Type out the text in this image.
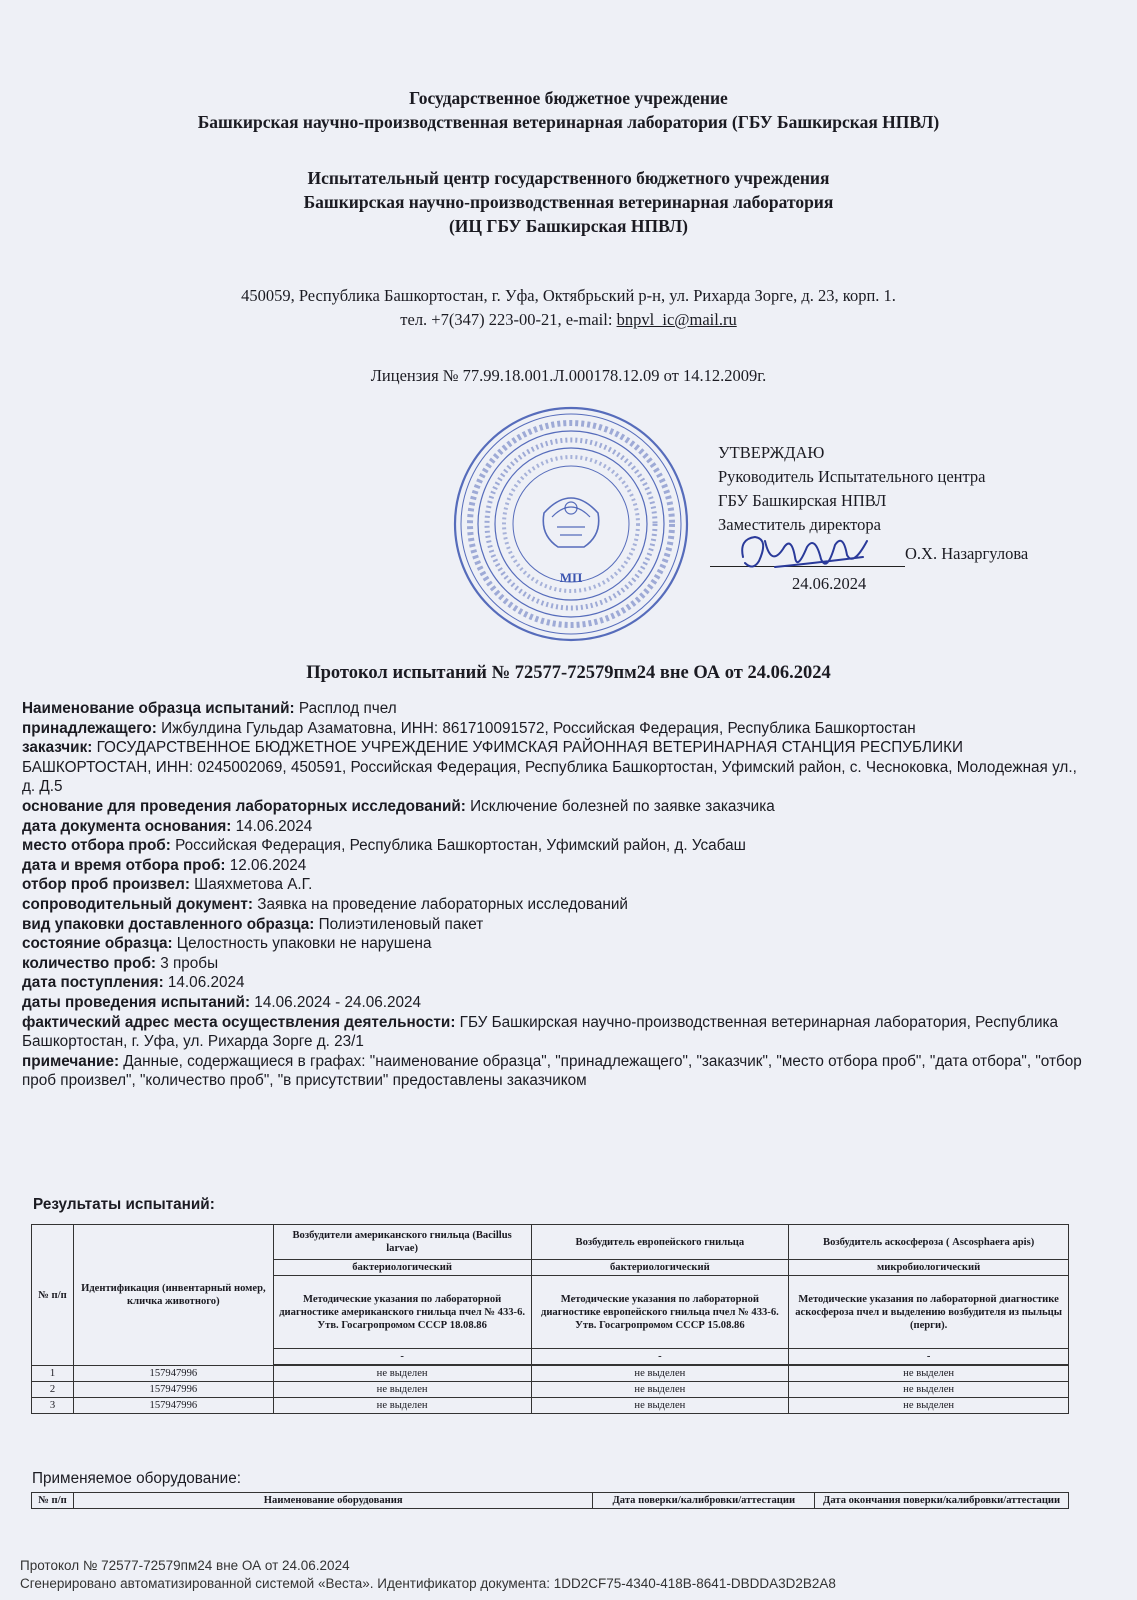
Государственное бюджетное учреждение
Башкирская научно-производственная ветеринарная лаборатория (ГБУ Башкирская НПВЛ)
Испытательный центр государственного бюджетного учреждения
Башкирская научно-производственная ветеринарная лаборатория
(ИЦ ГБУ Башкирская НПВЛ)
450059, Республика Башкортостан, г. Уфа, Октябрьский р-н, ул. Рихарда Зорге, д. 23, корп. 1.
тел. +7(347) 223-00-21, e-mail: bnpvl_ic@mail.ru
Лицензия № 77.99.18.001.Л.000178.12.09 от 14.12.2009г.
МП
УТВЕРЖДАЮ
Руководитель Испытательного центра
ГБУ Башкирская НПВЛ
Заместитель директора
О.Х. Назаргулова
24.06.2024
Протокол испытаний № 72577-72579пм24 вне ОА от 24.06.2024
Наименование образца испытаний: Расплод пчел
принадлежащего: Ижбулдина Гульдар Азаматовна, ИНН: 861710091572, Российская Федерация, Республика Башкортостан
заказчик: ГОСУДАРСТВЕННОЕ БЮДЖЕТНОЕ УЧРЕЖДЕНИЕ УФИМСКАЯ РАЙОННАЯ ВЕТЕРИНАРНАЯ СТАНЦИЯ РЕСПУБЛИКИ БАШКОРТОСТАН, ИНН: 0245002069, 450591, Российская Федерация, Республика Башкортостан, Уфимский район, с. Чесноковка, Молодежная ул., д. Д.5
основание для проведения лабораторных исследований: Исключение болезней по заявке заказчика
дата документа основания: 14.06.2024
место отбора проб: Российская Федерация, Республика Башкортостан, Уфимский район, д. Усабаш
дата и время отбора проб: 12.06.2024
отбор проб произвел: Шаяхметова А.Г.
сопроводительный документ: Заявка на проведение лабораторных исследований
вид упаковки доставленного образца: Полиэтиленовый пакет
состояние образца: Целостность упаковки не нарушена
количество проб: 3 пробы
дата поступления: 14.06.2024
даты проведения испытаний: 14.06.2024 - 24.06.2024
фактический адрес места осуществления деятельности: ГБУ Башкирская научно-производственная ветеринарная лаборатория, Республика Башкортостан, г. Уфа, ул. Рихарда Зорге д. 23/1
примечание: Данные, содержащиеся в графах: "наименование образца", "принадлежащего", "заказчик", "место отбора проб", "дата отбора", "отбор проб произвел", "количество проб", "в присутствии" предоставлены заказчиком
Результаты испытаний:
№ п/п	Идентификация (инвентарный номер, кличка животного)	Возбудители американского гнильца (Bacillus larvae)	Возбудитель европейского гнильца	Возбудитель аскосфероза ( Ascosphaera apis)
		бактериологический	бактериологический	микробиологический
		Методические указания по лабораторной диагностике американского гнильца пчел № 433-6. Утв. Госагропромом СССР 18.08.86	Методические указания по лабораторной диагностике европейского гнильца пчел № 433-6. Утв. Госагропромом СССР 15.08.86	Методические указания по лабораторной диагностике аскосфероза пчел и выделению возбудителя из пыльцы (перги).
		-	-	-

1	157947996	не выделен	не выделен	не выделен
2	157947996	не выделен	не выделен	не выделен
3	157947996	не выделен	не выделен	не выделен
Применяемое оборудование:
№ п/п	Наименование оборудования	Дата поверки/калибровки/аттестации	Дата окончания поверки/калибровки/аттестации
Протокол № 72577-72579пм24 вне ОА от 24.06.2024
Сгенерировано автоматизированной системой «Веста». Идентификатор документа: 1DD2CF75-4340-418B-8641-DBDDA3D2B2A8
